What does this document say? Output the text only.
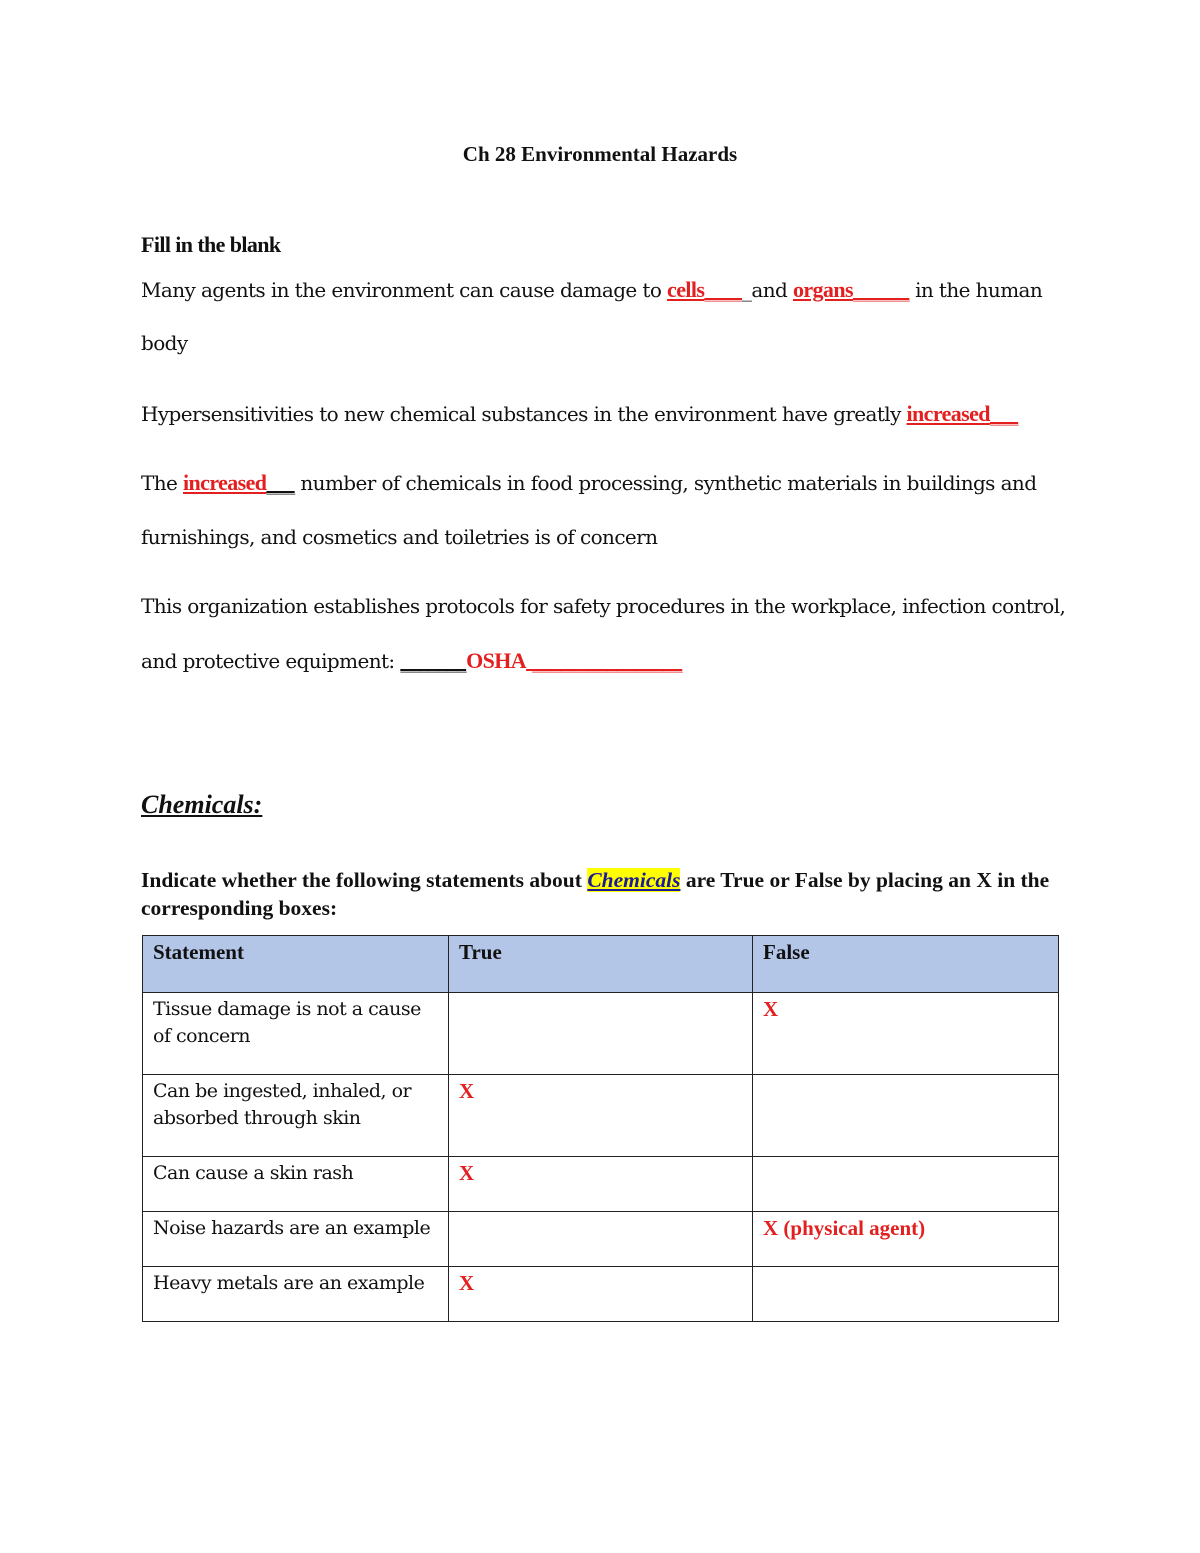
Ch 28 Environmental Hazards
Fill in the blank
Many agents in the environment can cause damage to cells_____and organs______ in the human
body
Hypersensitivities to new chemical substances in the environment have greatly increased___
The increased___ number of chemicals in food processing, synthetic materials in buildings and
furnishings, and cosmetics and toiletries is of concern
This organization establishes protocols for safety procedures in the workplace, infection control,
and protective equipment: _______OSHA ________________
Chemicals:
Indicate whether the following statements about Chemicals are True or False by placing an X in the corresponding boxes:
Statement	True	False
Tissue damage is not a cause of concern		X
Can be ingested, inhaled, or absorbed through skin	X	
Can cause a skin rash	X	
Noise hazards are an example		X (physical agent)
Heavy metals are an example	X	
